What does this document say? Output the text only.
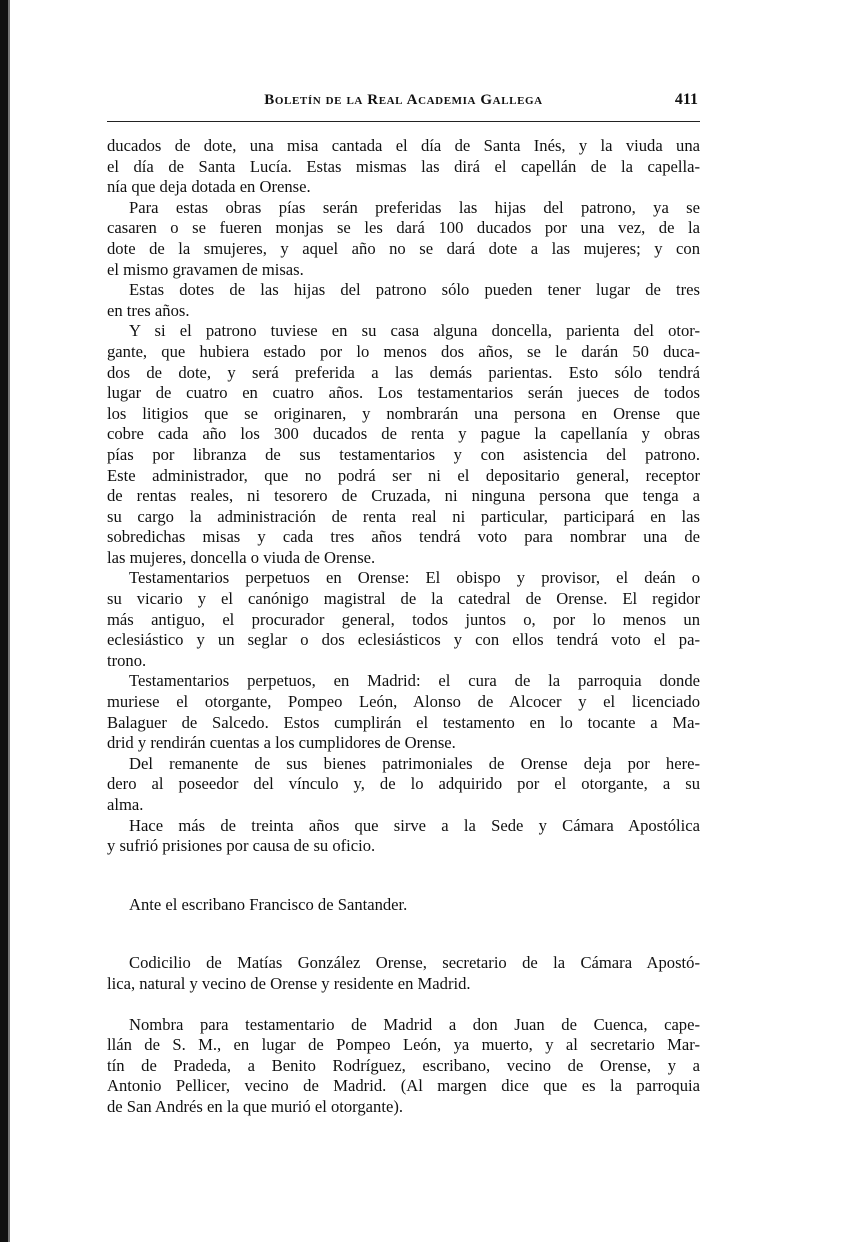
Boletín de la Real Academia Gallega	411
ducados de dote, una misa cantada el día de Santa Inés, y la viuda una
el día de Santa Lucía. Estas mismas las dirá el capellán de la capella-
nía que deja dotada en Orense.
Para estas obras pías serán preferidas las hijas del patrono, ya se
casaren o se fueren monjas se les dará 100 ducados por una vez, de la
dote de la smujeres, y aquel año no se dará dote a las mujeres; y con
el mismo gravamen de misas.
Estas dotes de las hijas del patrono sólo pueden tener lugar de tres
en tres años.
Y si el patrono tuviese en su casa alguna doncella, parienta del otor-
gante, que hubiera estado por lo menos dos años, se le darán 50 duca-
dos de dote, y será preferida a las demás parientas. Esto sólo tendrá
lugar de cuatro en cuatro años. Los testamentarios serán jueces de todos
los litigios que se originaren, y nombrarán una persona en Orense que
cobre cada año los 300 ducados de renta y pague la capellanía y obras
pías por libranza de sus testamentarios y con asistencia del patrono.
Este administrador, que no podrá ser ni el depositario general, receptor
de rentas reales, ni tesorero de Cruzada, ni ninguna persona que tenga a
su cargo la administración de renta real ni particular, participará en las
sobredichas misas y cada tres años tendrá voto para nombrar una de
las mujeres, doncella o viuda de Orense.
Testamentarios perpetuos en Orense: El obispo y provisor, el deán o
su vicario y el canónigo magistral de la catedral de Orense. El regidor
más antiguo, el procurador general, todos juntos o, por lo menos un
eclesiástico y un seglar o dos eclesiásticos y con ellos tendrá voto el pa-
trono.
Testamentarios perpetuos, en Madrid: el cura de la parroquia donde
muriese el otorgante, Pompeo León, Alonso de Alcocer y el licenciado
Balaguer de Salcedo. Estos cumplirán el testamento en lo tocante a Ma-
drid y rendirán cuentas a los cumplidores de Orense.
Del remanente de sus bienes patrimoniales de Orense deja por here-
dero al poseedor del vínculo y, de lo adquirido por el otorgante, a su
alma.
Hace más de treinta años que sirve a la Sede y Cámara Apostólica
y sufrió prisiones por causa de su oficio.
Ante el escribano Francisco de Santander.
Codicilio de Matías González Orense, secretario de la Cámara Apostó-
lica, natural y vecino de Orense y residente en Madrid.
Nombra para testamentario de Madrid a don Juan de Cuenca, cape-
llán de S. M., en lugar de Pompeo León, ya muerto, y al secretario Mar-
tín de Pradeda, a Benito Rodríguez, escribano, vecino de Orense, y a
Antonio Pellicer, vecino de Madrid. (Al margen dice que es la parroquia
de San Andrés en la que murió el otorgante).
